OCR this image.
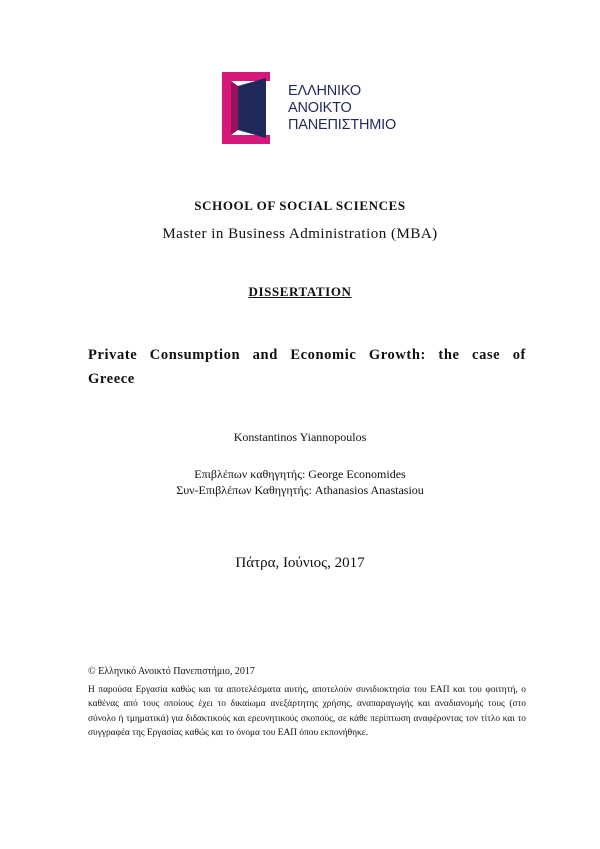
ΕΛΛΗΝΙΚΟ
ΑΝΟΙΚΤΟ
ΠΑΝΕΠΙΣΤΗΜΙΟ
SCHOOL OF SOCIAL SCIENCES
Master in Business Administration (MBA)
DISSERTATION
Private Consumption and Economic Growth: the case of Greece
Konstantinos Yiannopoulos
Επιβλέπων καθηγητής: George Economides
Συν-Επιβλέπων Καθηγητής: Athanasios Anastasiou
Πάτρα, Ιούνιος, 2017
© Ελληνικό Ανοικτό Πανεπιστήμιο, 2017
Η παρούσα Εργασία καθώς και τα αποτελέσματα αυτής, αποτελούν συνιδιοκτησία του ΕΑΠ και του φοιτητή, ο καθένας από τους οποίους έχει το δικαίωμα ανεξάρτητης χρήσης, αναπαραγωγής και αναδιανομής τους (στο σύνολο ή τμηματικά) για διδακτικούς και ερευνητικούς σκοπούς, σε κάθε περίπτωση αναφέροντας τον τίτλο και το συγγραφέα της Εργασίας καθώς και το όνομα του ΕΑΠ όπου εκπονήθηκε.
